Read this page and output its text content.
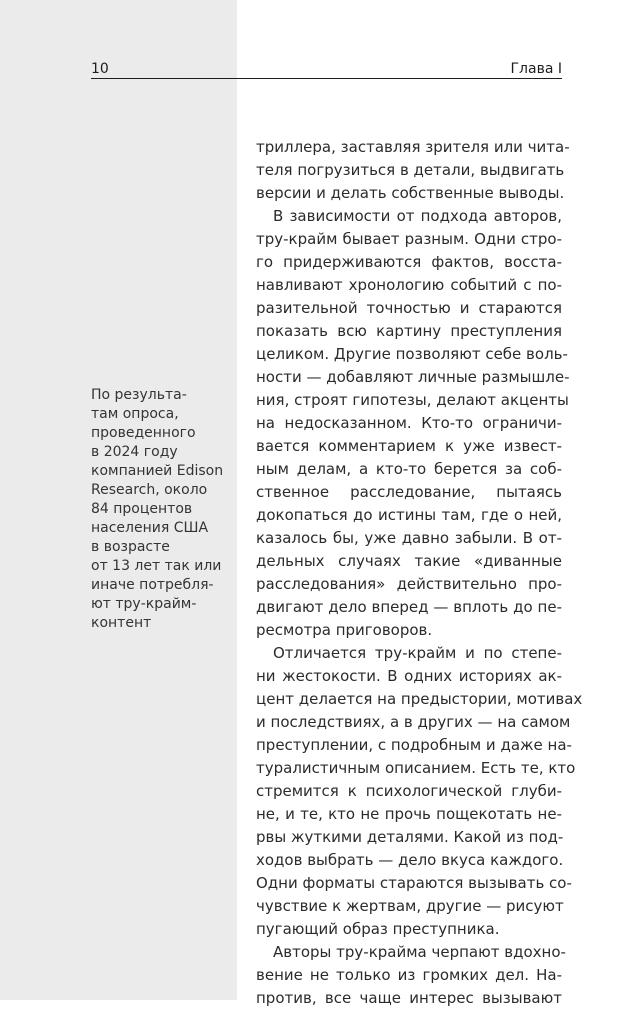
10	Глава I
По результа-
там опроса,
проведенного
в 2024 году
компанией Edison
Research, около
84 процентов
населения США
в возрасте
от 13 лет так или
иначе потребля-
ют тру-крайм-
контент
триллера, заставляя зрителя или чита-
теля погрузиться в детали, выдвигать
версии и делать собственные выводы.
В зависимости от подхода авторов,
тру-крайм бывает разным. Одни стро-
го придерживаются фактов, восста-
навливают хронологию событий с по-
разительной точностью и стараются
показать всю картину преступления
целиком. Другие позволяют себе воль-
ности — добавляют личные размышле-
ния, строят гипотезы, делают акценты
на недосказанном. Кто-то ограничи-
вается комментарием к уже извест-
ным делам, а кто-то берется за соб-
ственное расследование, пытаясь
докопаться до истины там, где о ней,
казалось бы, уже давно забыли. В от-
дельных случаях такие «диванные
расследования» действительно про-
двигают дело вперед — вплоть до пе-
ресмотра приговоров.
Отличается тру-крайм и по степе-
ни жестокости. В одних историях ак-
цент делается на предыстории, мотивах
и последствиях, а в других — на самом
преступлении, с подробным и даже на-
туралистичным описанием. Есть те, кто
стремится к психологической глуби-
не, и те, кто не прочь пощекотать не-
рвы жуткими деталями. Какой из под-
ходов выбрать — дело вкуса каждого.
Одни форматы стараются вызывать со-
чувствие к жертвам, другие — рисуют
пугающий образ преступника.
Авторы тру-крайма черпают вдохно-
вение не только из громких дел. На-
против, все чаще интерес вызывают
